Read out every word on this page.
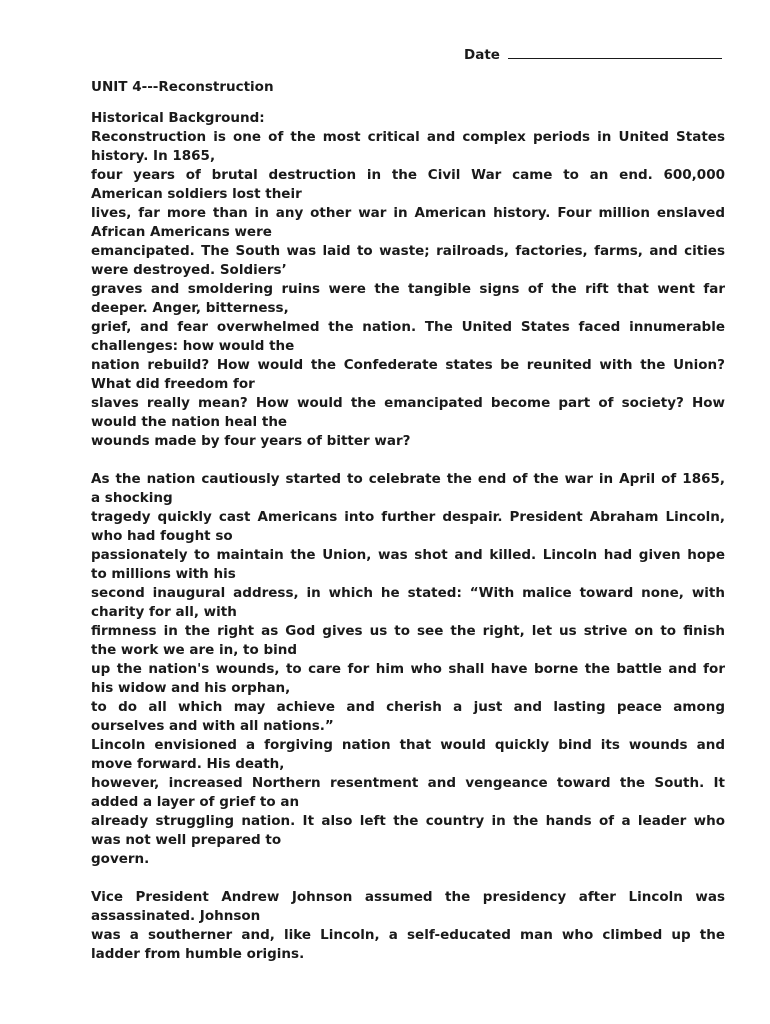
Date
UNIT 4---Reconstruction
Historical Background:
Reconstruction is one of the most critical and complex periods in United States
history. In 1865,
four years of brutal destruction in the Civil War came to an end. 600,000
American soldiers lost their
lives, far more than in any other war in American history. Four million enslaved
African Americans were
emancipated. The South was laid to waste; railroads, factories, farms, and cities
were destroyed. Soldiers’
graves and smoldering ruins were the tangible signs of the rift that went far
deeper. Anger, bitterness,
grief, and fear overwhelmed the nation. The United States faced innumerable
challenges: how would the
nation rebuild? How would the Confederate states be reunited with the Union?
What did freedom for
slaves really mean? How would the emancipated become part of society? How
would the nation heal the
wounds made by four years of bitter war?
As the nation cautiously started to celebrate the end of the war in April of 1865,
a shocking
tragedy quickly cast Americans into further despair. President Abraham Lincoln,
who had fought so
passionately to maintain the Union, was shot and killed. Lincoln had given hope
to millions with his
second inaugural address, in which he stated: “With malice toward none, with
charity for all, with
firmness in the right as God gives us to see the right, let us strive on to finish
the work we are in, to bind
up the nation's wounds, to care for him who shall have borne the battle and for
his widow and his orphan,
to do all which may achieve and cherish a just and lasting peace among
ourselves and with all nations.”
Lincoln envisioned a forgiving nation that would quickly bind its wounds and
move forward. His death,
however, increased Northern resentment and vengeance toward the South. It
added a layer of grief to an
already struggling nation. It also left the country in the hands of a leader who
was not well prepared to
govern.
Vice President Andrew Johnson assumed the presidency after Lincoln was
assassinated. Johnson
was a southerner and, like Lincoln, a self-educated man who climbed up the
ladder from humble origins.
